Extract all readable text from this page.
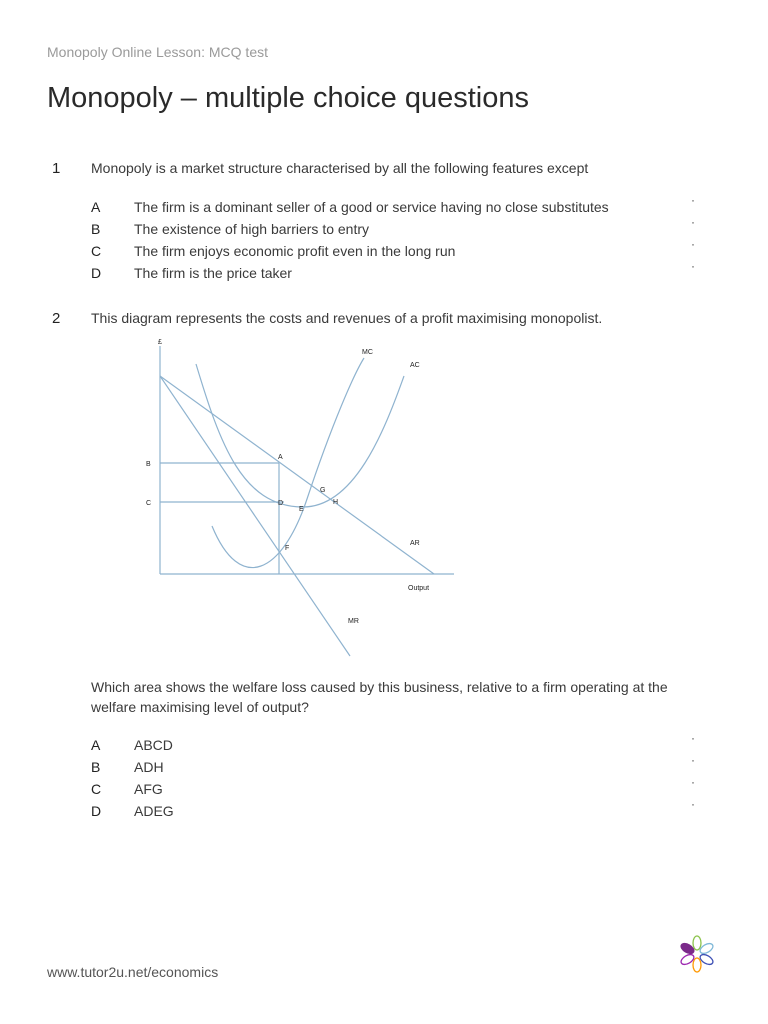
Monopoly Online Lesson: MCQ test
Monopoly – multiple choice questions
1 Monopoly is a market structure characterised by all the following features except
A The firm is a dominant seller of a good or service having no close substitutes	·
B The existence of high barriers to entry	·
C The firm enjoys economic profit even in the long run	·
D The firm is the price taker	·
2 This diagram represents the costs and revenues of a profit maximising monopolist.
£
MC
AC
AR
MR
Output
B
C
A
D
G
H
E
F
Which area shows the welfare loss caused by this business, relative to a firm operating at the welfare maximising level of output?
A ABCD	·
B ADH	·
C AFG	·
D ADEG	·
www.tutor2u.net/economics
